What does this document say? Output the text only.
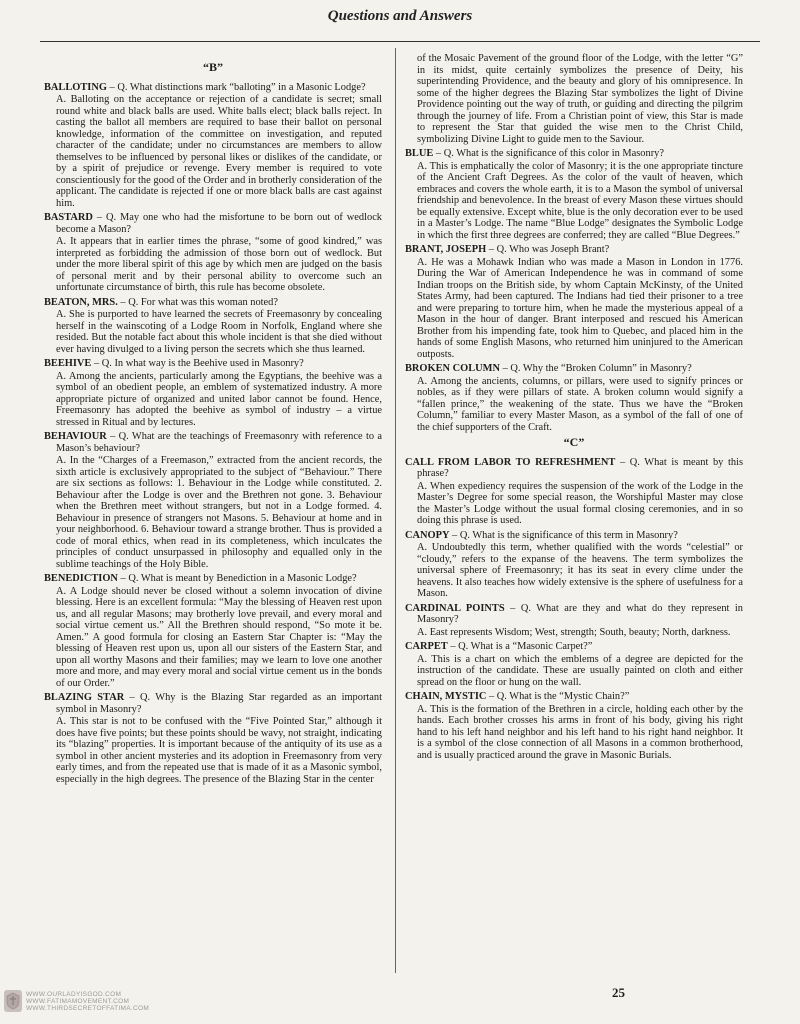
Questions and Answers
“B”
BALLOTING – Q. What distinctions mark “balloting” in a Masonic Lodge?
A. Balloting on the acceptance or rejection of a candidate is secret; small round white and black balls are used. White balls elect; black balls reject. In casting the ballot all members are required to base their ballot on personal knowledge, information of the committee on investigation, and reputed character of the candidate; under no circumstances are members to allow themselves to be influenced by personal likes or dislikes of the candidate, or by a spirit of prejudice or revenge. Every member is required to vote conscientiously for the good of the Order and in brotherly consideration of the applicant. The candidate is rejected if one or more black balls are cast against him.
BASTARD – Q. May one who had the misfortune to be born out of wedlock become a Mason?
A. It appears that in earlier times the phrase, “some of good kindred,” was interpreted as forbidding the admission of those born out of wedlock. But under the more liberal spirit of this age by which men are judged on the basis of personal merit and by their personal ability to overcome such an unfortunate circumstance of birth, this rule has become obsolete.
BEATON, MRS. – Q. For what was this woman noted?
A. She is purported to have learned the secrets of Freemasonry by concealing herself in the wainscoting of a Lodge Room in Norfolk, England where she resided. But the notable fact about this whole incident is that she died without ever having divulged to a living person the secrets which she thus learned.
BEEHIVE – Q. In what way is the Beehive used in Masonry?
A. Among the ancients, particularly among the Egyptians, the beehive was a symbol of an obedient people, an emblem of systematized industry. A more appropriate picture of organized and united labor cannot be found. Hence, Freemasonry has adopted the beehive as symbol of industry – a virtue stressed in Ritual and by lectures.
BEHAVIOUR – Q. What are the teachings of Freemasonry with reference to a Mason’s behaviour?
A. In the “Charges of a Freemason,” extracted from the ancient records, the sixth article is exclusively appropriated to the subject of “Behaviour.” There are six sections as follows: 1. Behaviour in the Lodge while constituted. 2. Behaviour after the Lodge is over and the Brethren not gone. 3. Behaviour when the Brethren meet without strangers, but not in a Lodge formed. 4. Behaviour in presence of strangers not Masons. 5. Behaviour at home and in your neighborhood. 6. Behaviour toward a strange brother. Thus is provided a code of moral ethics, when read in its completeness, which inculcates the principles of conduct unsurpassed in philosophy and equalled only in the sublime teachings of the Holy Bible.
BENEDICTION – Q. What is meant by Benediction in a Masonic Lodge?
A. A Lodge should never be closed without a solemn invocation of divine blessing. Here is an excellent formula: “May the blessing of Heaven rest upon us, and all regular Masons; may brotherly love prevail, and every moral and social virtue cement us.” All the Brethren should respond, “So mote it be. Amen.” A good formula for closing an Eastern Star Chapter is: “May the blessing of Heaven rest upon us, upon all our sisters of the Eastern Star, and upon all worthy Masons and their families; may we learn to love one another more and more, and may every moral and social virtue cement us in the bonds of our Order.”
BLAZING STAR – Q. Why is the Blazing Star regarded as an important symbol in Masonry?
A. This star is not to be confused with the “Five Pointed Star,” although it does have five points; but these points should be wavy, not straight, indicating its “blazing” properties. It is important because of the antiquity of its use as a symbol in other ancient mysteries and its adoption in Freemasonry from very early times, and from the repeated use that is made of it as a Masonic symbol, especially in the high degrees. The presence of the Blazing Star in the center
of the Mosaic Pavement of the ground floor of the Lodge, with the letter “G” in its midst, quite certainly symbolizes the presence of Deity, his superintending Providence, and the beauty and glory of his omnipresence. In some of the higher degrees the Blazing Star symbolizes the light of Divine Providence pointing out the way of truth, or guiding and directing the pilgrim through the journey of life. From a Christian point of view, this Star is made to represent the Star that guided the wise men to the Christ Child, symbolizing Divine Light to guide men to the Saviour.
BLUE – Q. What is the significance of this color in Masonry?
A. This is emphatically the color of Masonry; it is the one appropriate tincture of the Ancient Craft Degrees. As the color of the vault of heaven, which embraces and covers the whole earth, it is to a Mason the symbol of universal friendship and benevolence. In the breast of every Mason these virtues should be equally extensive. Except white, blue is the only decoration ever to be used in a Master’s Lodge. The name “Blue Lodge” designates the Symbolic Lodge in which the first three degrees are conferred; they are called “Blue Degrees.”
BRANT, JOSEPH – Q. Who was Joseph Brant?
A. He was a Mohawk Indian who was made a Mason in London in 1776. During the War of American Independence he was in command of some Indian troops on the British side, by whom Captain McKinsty, of the United States Army, had been captured. The Indians had tied their prisoner to a tree and were preparing to torture him, when he made the mysterious appeal of a Mason in the hour of danger. Brant interposed and rescued his American Brother from his impending fate, took him to Quebec, and placed him in the hands of some English Masons, who returned him uninjured to the American outposts.
BROKEN COLUMN – Q. Why the “Broken Column” in Masonry?
A. Among the ancients, columns, or pillars, were used to signify princes or nobles, as if they were pillars of state. A broken column would signify a “fallen prince,” the weakening of the state. Thus we have the “Broken Column,” familiar to every Master Mason, as a symbol of the fall of one of the chief supporters of the Craft.
“C”
CALL FROM LABOR TO REFRESHMENT – Q. What is meant by this phrase?
A. When expediency requires the suspension of the work of the Lodge in the Master’s Degree for some special reason, the Worshipful Master may close the Master’s Lodge without the usual formal closing ceremonies, and in so doing this phrase is used.
CANOPY – Q. What is the significance of this term in Masonry?
A. Undoubtedly this term, whether qualified with the words “celestial” or “cloudy,” refers to the expanse of the heavens. The term symbolizes the universal sphere of Freemasonry; it has its seat in every clime under the heavens. It also teaches how widely extensive is the sphere of usefulness for a Mason.
CARDINAL POINTS – Q. What are they and what do they represent in Masonry?
A. East represents Wisdom; West, strength; South, beauty; North, darkness.
CARPET – Q. What is a “Masonic Carpet?”
A. This is a chart on which the emblems of a degree are depicted for the instruction of the candidate. These are usually painted on cloth and either spread on the floor or hung on the wall.
CHAIN, MYSTIC – Q. What is the “Mystic Chain?”
A. This is the formation of the Brethren in a circle, holding each other by the hands. Each brother crosses his arms in front of his body, giving his right hand to his left hand neighbor and his left hand to his right hand neighbor. It is a symbol of the close connection of all Masons in a common brotherhood, and is usually practiced around the grave in Masonic Burials.
25
WWW.OURLADYISGOD.COM
WWW.FATIMAMOVEMENT.COM
WWW.THIRDSECRETOFFATIMA.COM
